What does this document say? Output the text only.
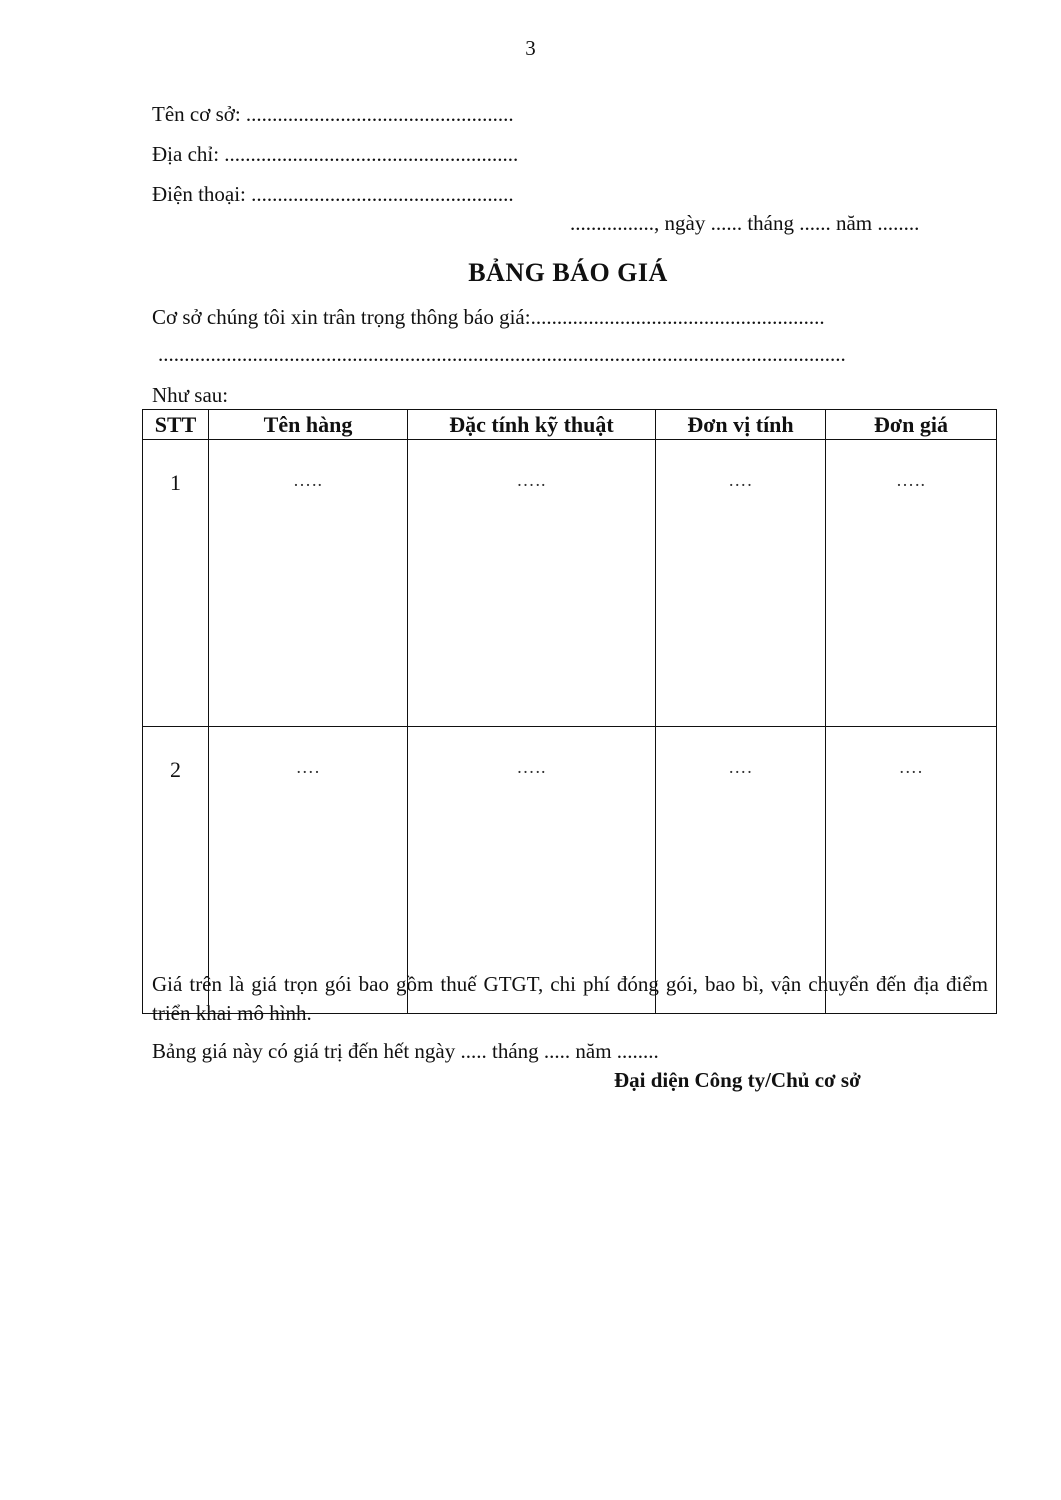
3
Tên cơ sở: ...................................................
Địa chỉ: ........................................................
Điện thoại: ..................................................
................, ngày ...... tháng ...... năm ........
BẢNG BÁO GIÁ
Cơ sở chúng tôi xin trân trọng thông báo giá:........................................................
...................................................................................................................................
Như sau:
STT	Tên hàng	Đặc tính kỹ thuật	Đơn vị tính	Đơn giá
1	…..	…..	….	…..
2	….	…..	….	….
Giá trên là giá trọn gói bao gồm thuế GTGT, chi phí đóng gói, bao bì, vận chuyển đến địa điểm triển khai mô hình.
Bảng giá này có giá trị đến hết ngày ..... tháng ..... năm ........
Đại diện Công ty/Chủ cơ sở
